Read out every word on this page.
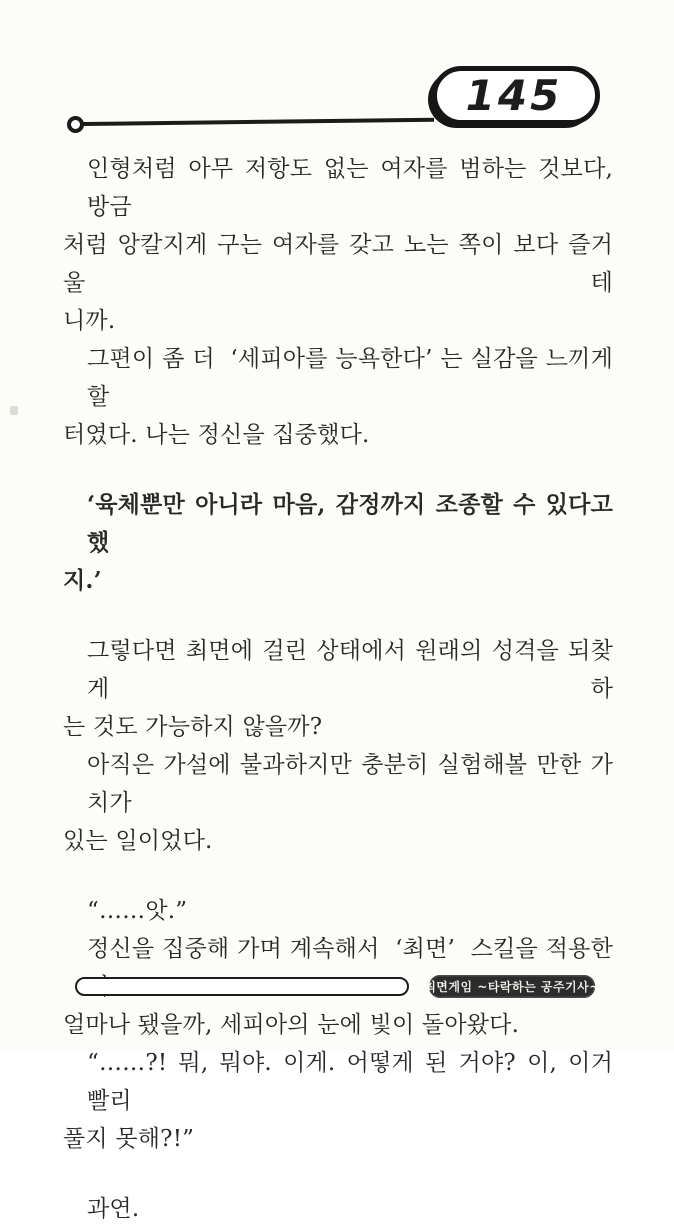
145
인형처럼 아무 저항도 없는 여자를 범하는 것보다, 방금
처럼 앙칼지게 구는 여자를 갖고 노는 쪽이 보다 즐거울 테
니까.
그편이 좀 더  ‘세피아를 능욕한다’ 는 실감을 느끼게 할
터였다. 나는 정신을 집중했다.
‘육체뿐만 아니라 마음, 감정까지 조종할 수 있다고 했
지.’
그렇다면 최면에 걸린 상태에서 원래의 성격을 되찾게 하
는 것도 가능하지 않을까?
아직은 가설에 불과하지만 충분히 실험해볼 만한 가치가
있는 일이었다.
“……앗.”
정신을 집중해 가며 계속해서  ‘최면’  스킬을 적용한
얼마나 됐을까, 세피아의 눈에 빛이 돌아왔다.
“……?! 뭐, 뭐야. 이게. 어떻게 된 거야? 이, 이거 빨리
풀지 못해?!”
과연.
최면게임 ~타락하는 공주기사~
